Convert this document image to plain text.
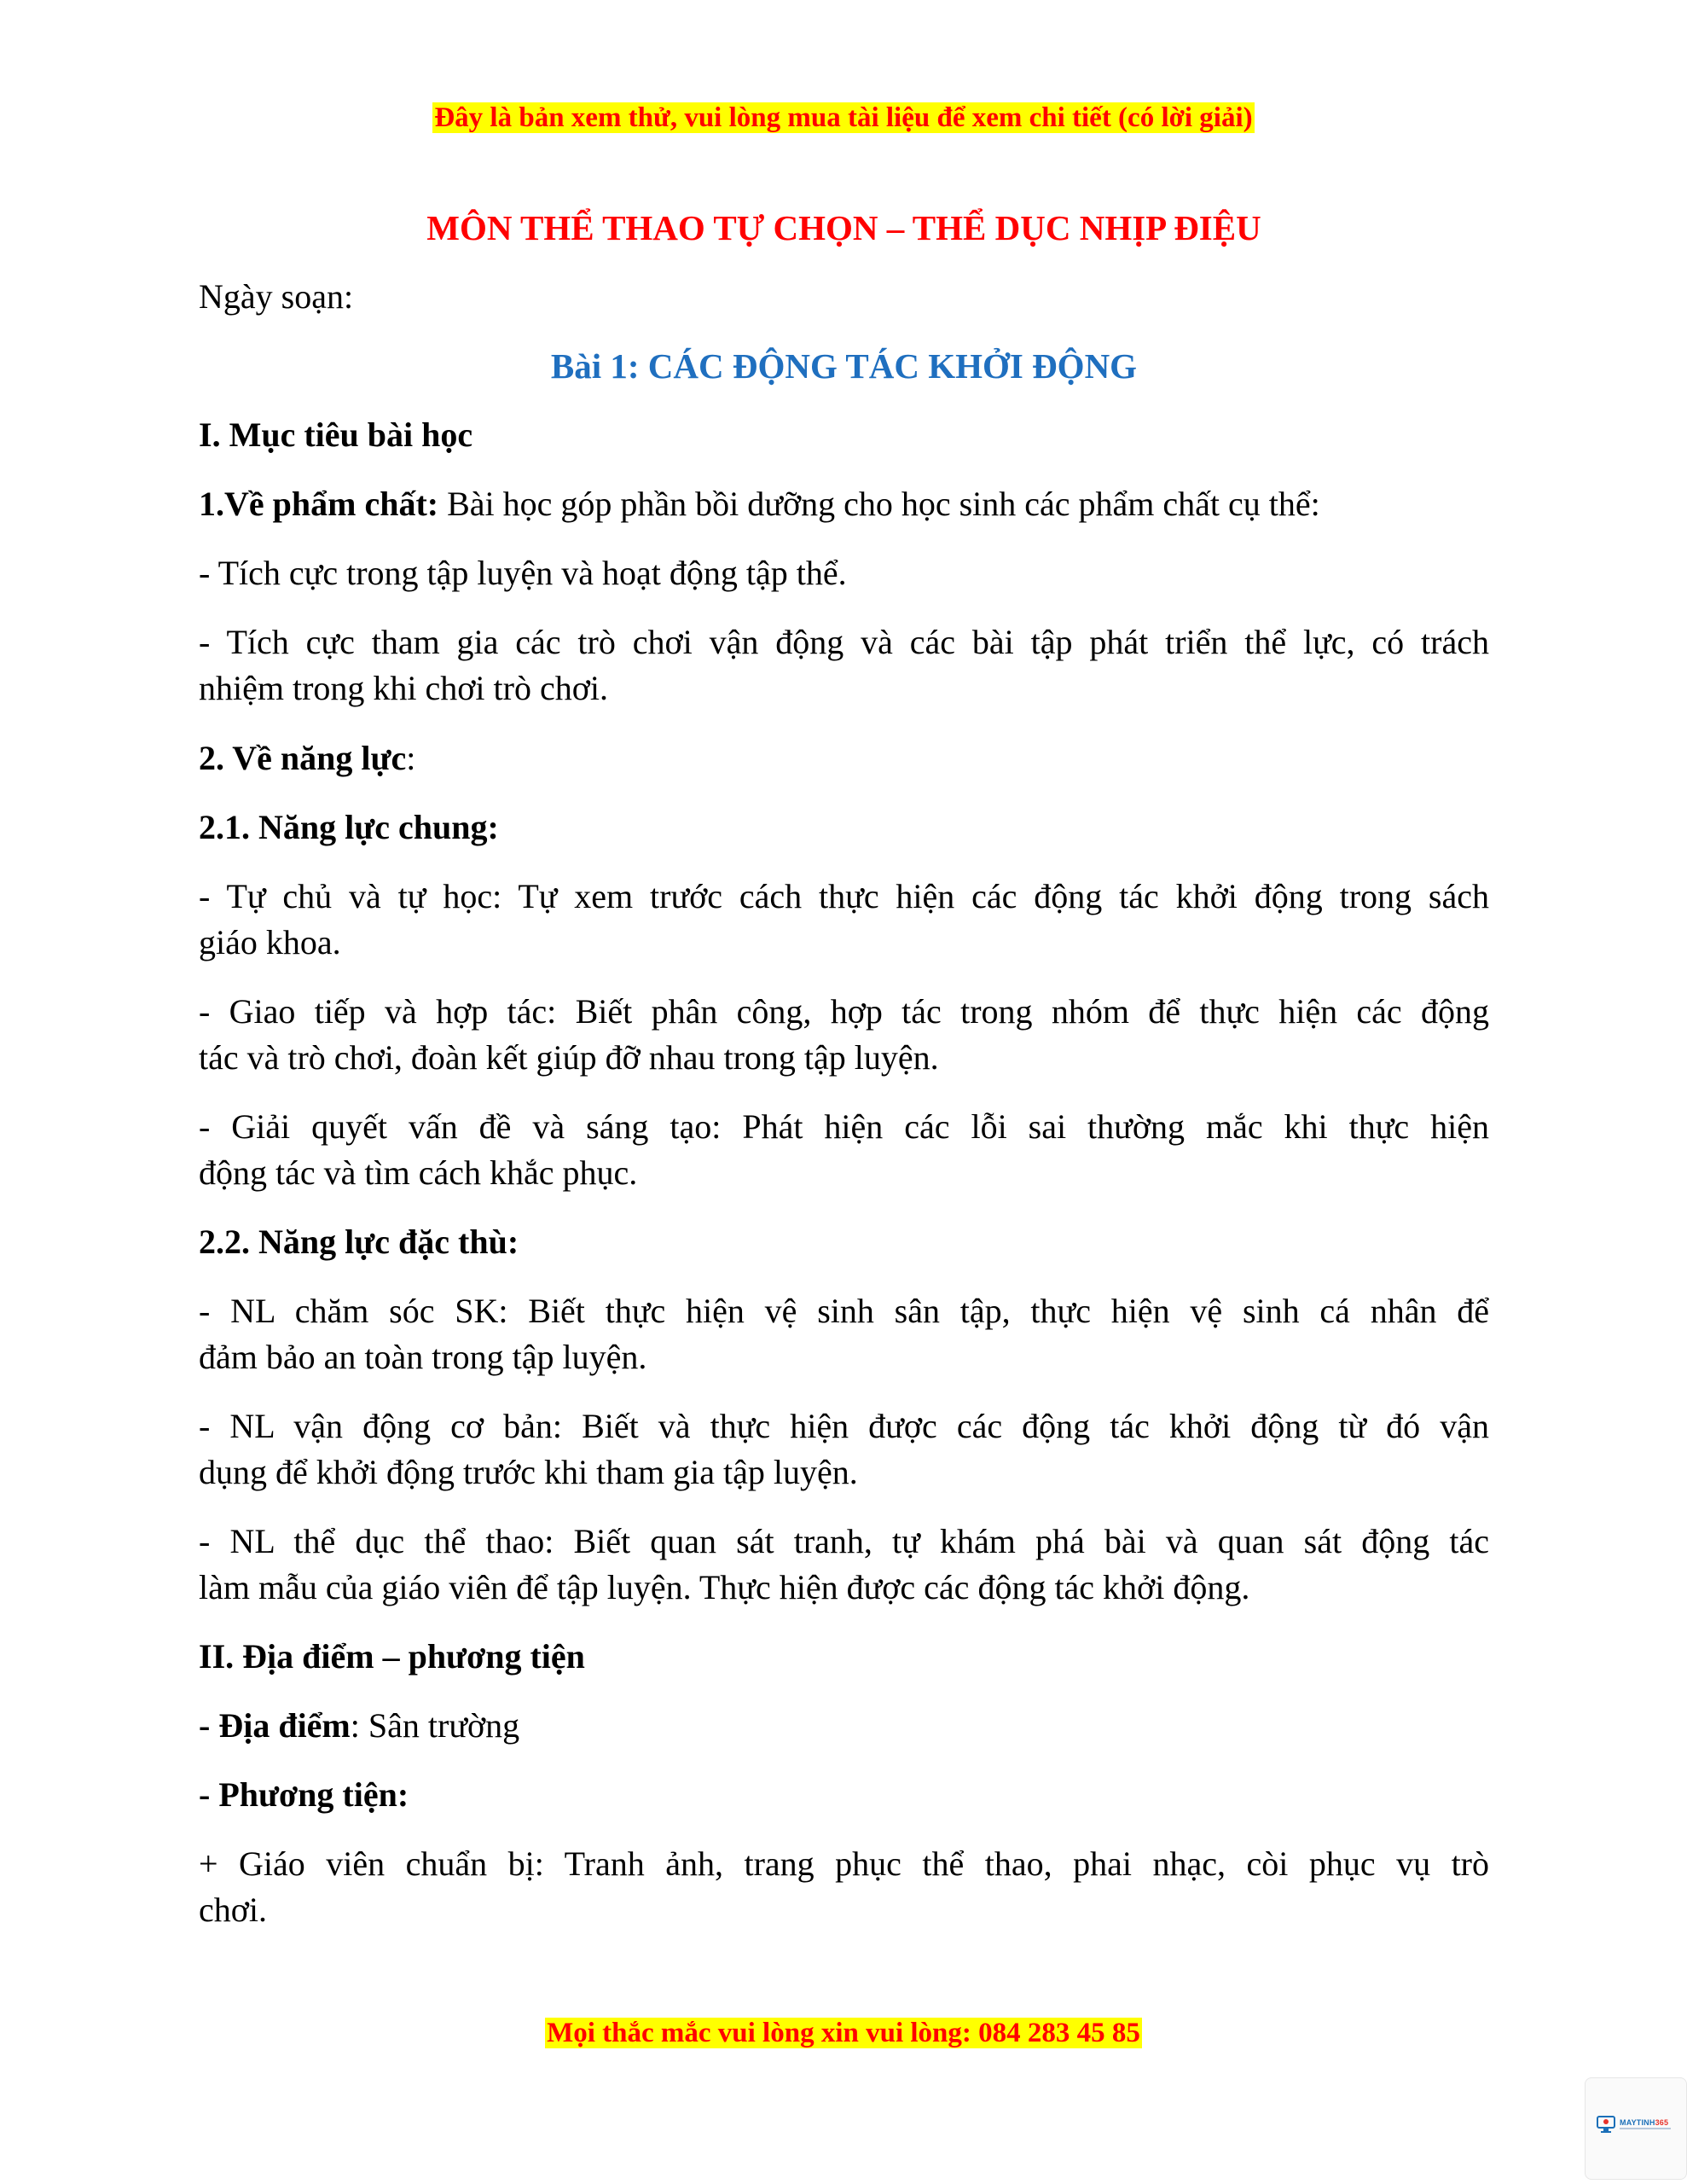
Đây là bản xem thử, vui lòng mua tài liệu để xem chi tiết (có lời giải)
MÔN THỂ THAO TỰ CHỌN – THỂ DỤC NHỊP ĐIỆU
Ngày soạn:
Bài 1: CÁC ĐỘNG TÁC KHỞI ĐỘNG
I. Mục tiêu bài học
1.Về phẩm chất: Bài học góp phần bồi dưỡng cho học sinh các phẩm chất cụ thể:
- Tích cực trong tập luyện và hoạt động tập thể.
- Tích cực tham gia các trò chơi vận động và các bài tập phát triển thể lực, có trách
nhiệm trong khi chơi trò chơi.
2. Về năng lực:
2.1. Năng lực chung:
- Tự chủ và tự học: Tự xem trước cách thực hiện các động tác khởi động trong sách
giáo khoa.
- Giao tiếp và hợp tác: Biết phân công, hợp tác trong nhóm để thực hiện các động
tác và trò chơi, đoàn kết giúp đỡ nhau trong tập luyện.
- Giải quyết vấn đề và sáng tạo: Phát hiện các lỗi sai thường mắc khi thực hiện
động tác và tìm cách khắc phục.
2.2. Năng lực đặc thù:
- NL chăm sóc SK: Biết thực hiện vệ sinh sân tập, thực hiện vệ sinh cá nhân để
đảm bảo an toàn trong tập luyện.
- NL vận động cơ bản: Biết và thực hiện được các động tác khởi động từ đó vận
dụng để khởi động trước khi tham gia tập luyện.
- NL thể dục thể thao: Biết quan sát tranh, tự khám phá bài và quan sát động tác
làm mẫu của giáo viên để tập luyện. Thực hiện được các động tác khởi động.
II. Địa điểm – phương tiện
- Địa điểm: Sân trường
- Phương tiện:
+ Giáo viên chuẩn bị: Tranh ảnh, trang phục thể thao, phai nhạc, còi phục vụ trò
chơi.
Mọi thắc mắc vui lòng xin vui lòng: 084 283 45 85
MAYTINH365
